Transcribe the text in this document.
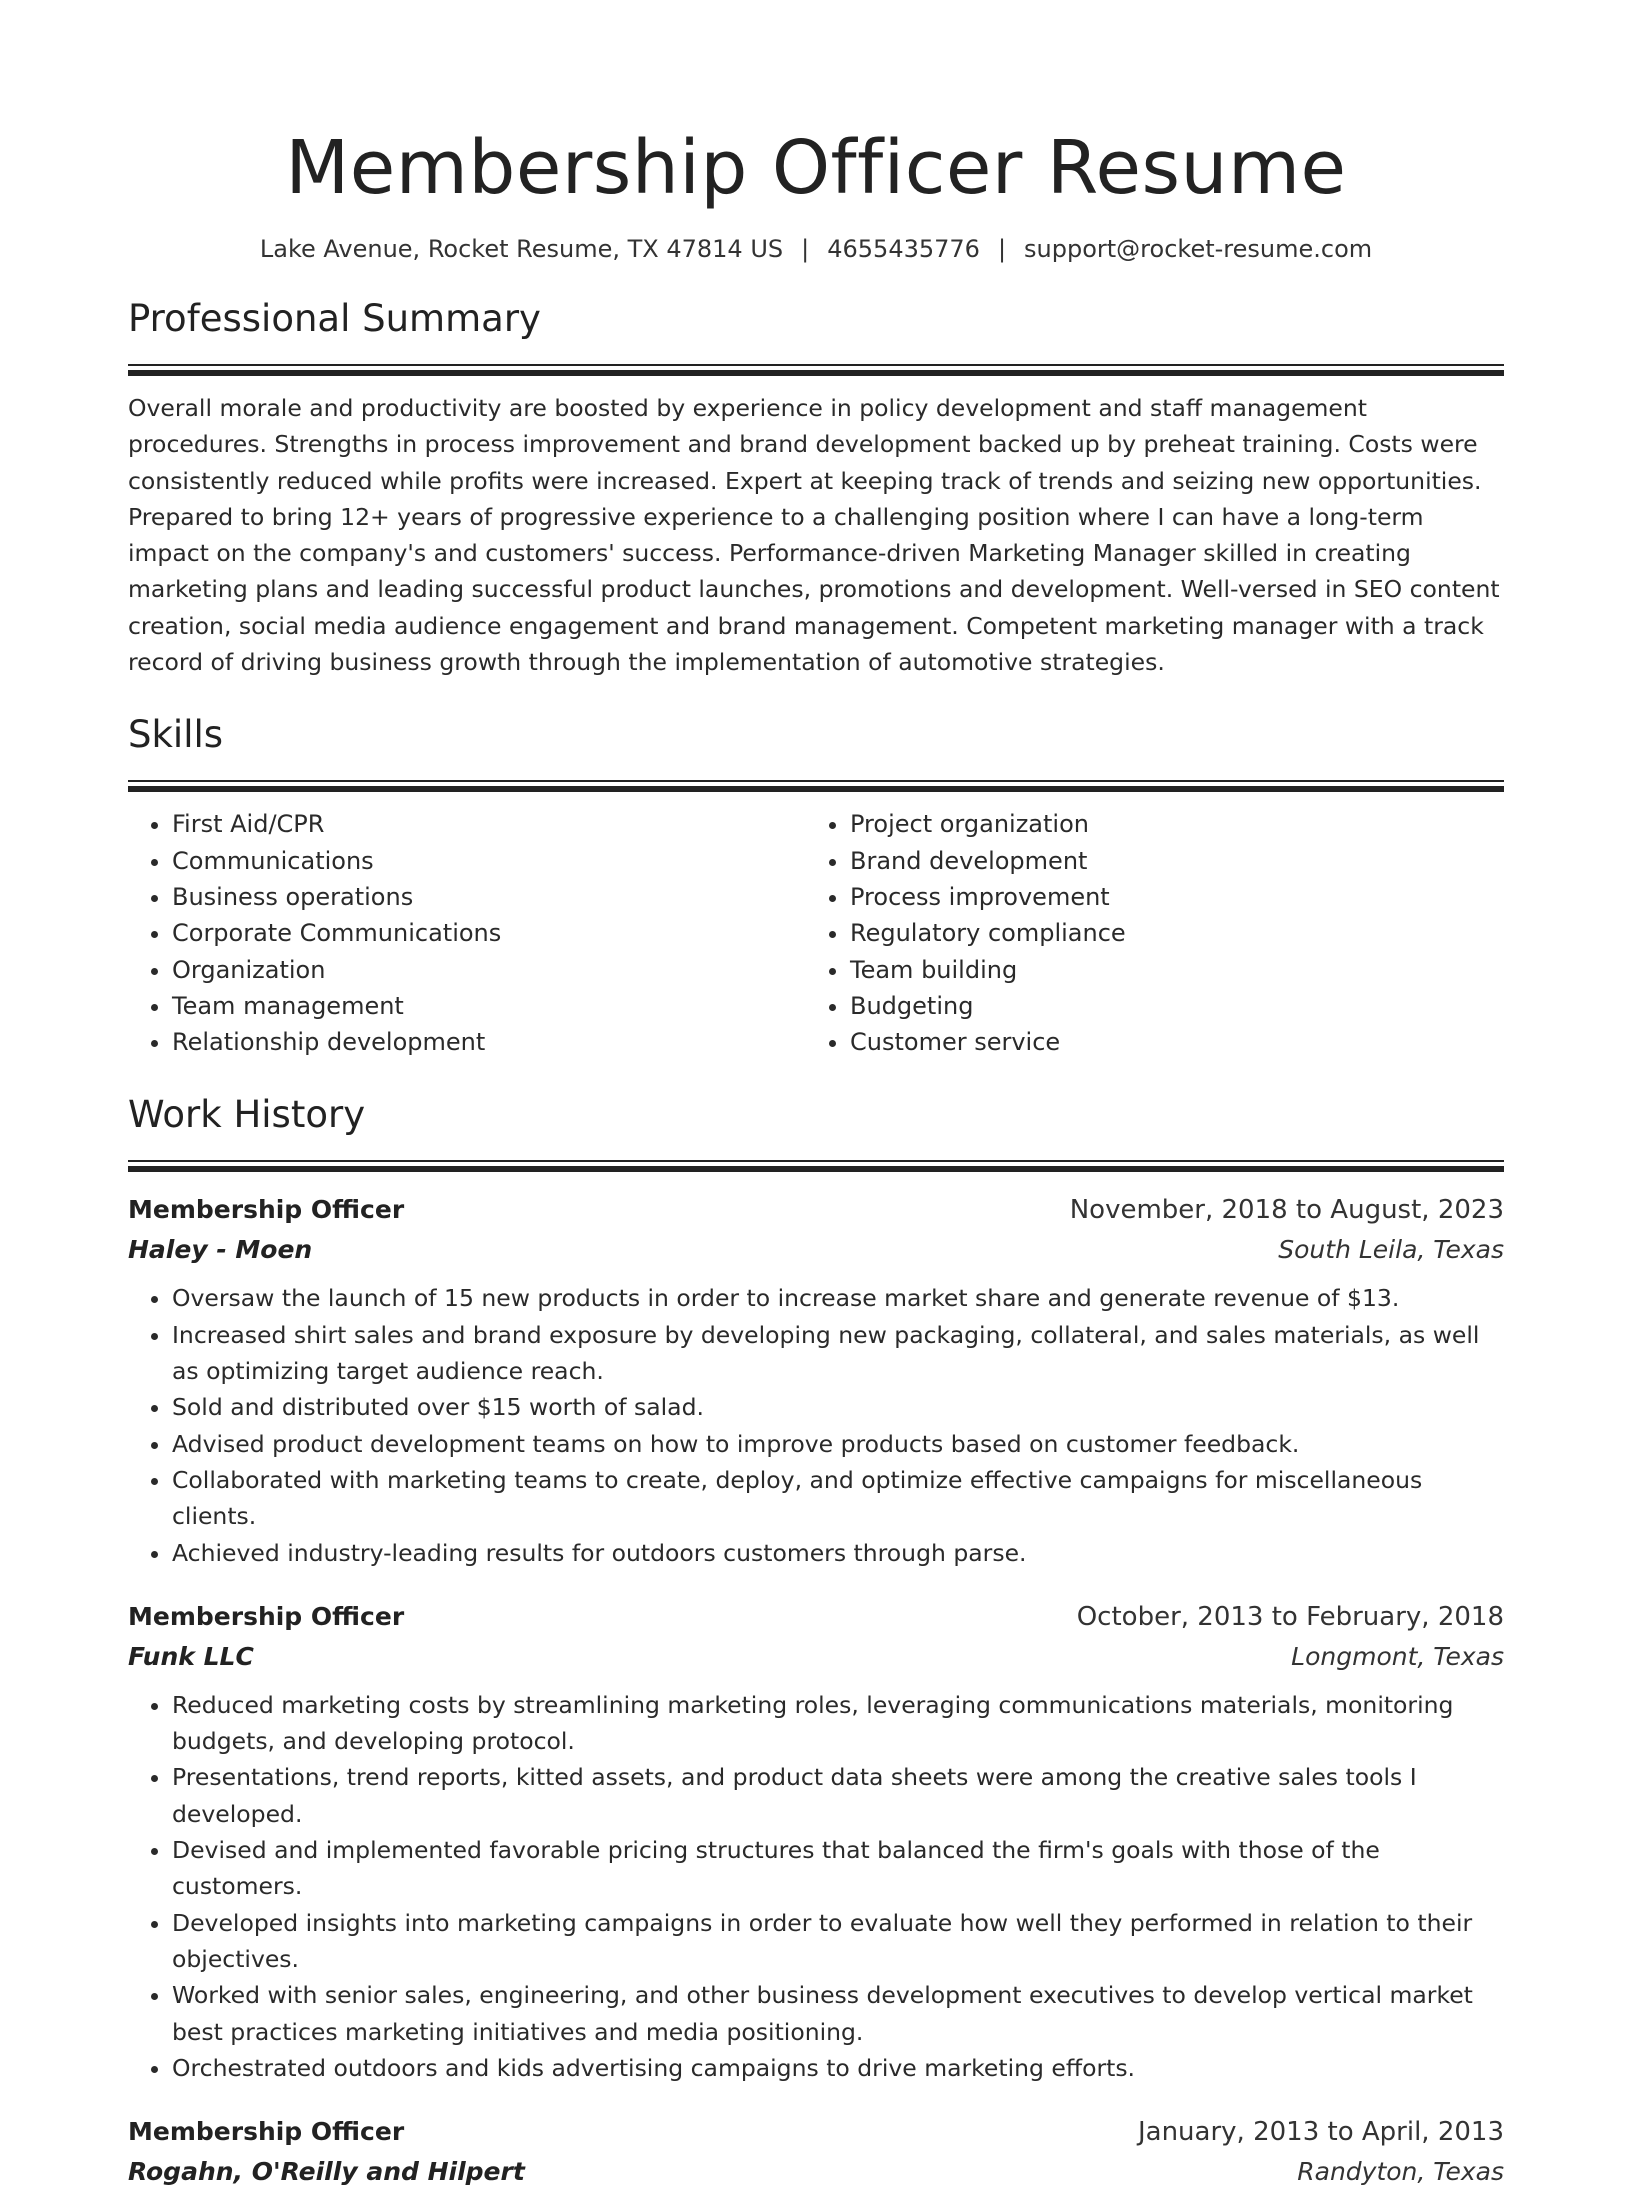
Membership Officer Resume
Lake Avenue, Rocket Resume, TX 47814 US | 4655435776 | support@rocket-resume.com
Professional Summary

Overall morale and productivity are boosted by experience in policy development and staff management procedures. Strengths in process improvement and brand development backed up by preheat training. Costs were consistently reduced while profits were increased. Expert at keeping track of trends and seizing new opportunities. Prepared to bring 12+ years of progressive experience to a challenging position where I can have a long-term impact on the company's and customers' success. Performance-driven Marketing Manager skilled in creating marketing plans and leading successful product launches, promotions and development. Well-versed in SEO content creation, social media audience engagement and brand management. Competent marketing manager with a track record of driving business growth through the implementation of automotive strategies.

Skills
• First Aid/CPR
• Communications
• Business operations
• Corporate Communications
• Organization
• Team management
• Relationship development
• Project organization
• Brand development
• Process improvement
• Regulatory compliance
• Team building
• Budgeting
• Customer service
Work History
Membership Officer	November, 2018 to August, 2023
Haley - Moen	South Leila, Texas
• Oversaw the launch of 15 new products in order to increase market share and generate revenue of $13.
• Increased shirt sales and brand exposure by developing new packaging, collateral, and sales materials, as well as optimizing target audience reach.
• Sold and distributed over $15 worth of salad.
• Advised product development teams on how to improve products based on customer feedback.
• Collaborated with marketing teams to create, deploy, and optimize effective campaigns for miscellaneous clients.
• Achieved industry-leading results for outdoors customers through parse.
Membership Officer	October, 2013 to February, 2018
Funk LLC	Longmont, Texas
• Reduced marketing costs by streamlining marketing roles, leveraging communications materials, monitoring budgets, and developing protocol.
• Presentations, trend reports, kitted assets, and product data sheets were among the creative sales tools I developed.
• Devised and implemented favorable pricing structures that balanced the firm's goals with those of the customers.
• Developed insights into marketing campaigns in order to evaluate how well they performed in relation to their objectives.
• Worked with senior sales, engineering, and other business development executives to develop vertical market best practices marketing initiatives and media positioning.
• Orchestrated outdoors and kids advertising campaigns to drive marketing efforts.
Membership Officer	January, 2013 to April, 2013
Rogahn, O'Reilly and Hilpert	Randyton, Texas
